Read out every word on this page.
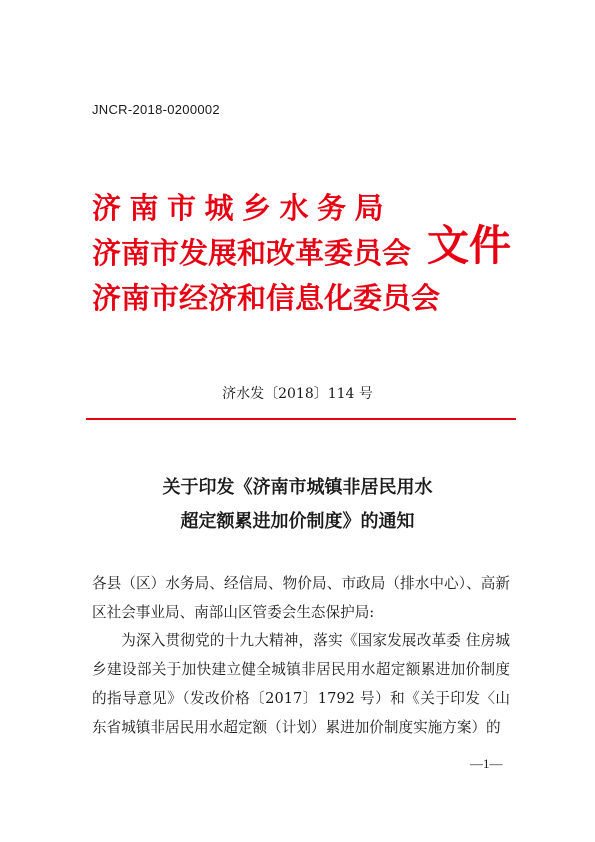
JNCR-2018-0200002
济南市城乡水务局
济南市发展和改革委员会
济南市经济和信息化委员会
文件
济水发〔2018〕114 号
关于印发《济南市城镇非居民用水
超定额累进加价制度》的通知

各县（区）水务局、经信局、物价局、市政局（排水中心）、高新区社会事业局、南部山区管委会生态保护局:

为深入贯彻党的十九大精神，落实《国家发展改革委 住房城乡建设部关于加快建立健全城镇非居民用水超定额累进加价制度的指导意见》（发改价格〔2017〕1792 号）和《关于印发〈山东省城镇非居民用水超定额（计划）累进加价制度实施方案）的

—1—
